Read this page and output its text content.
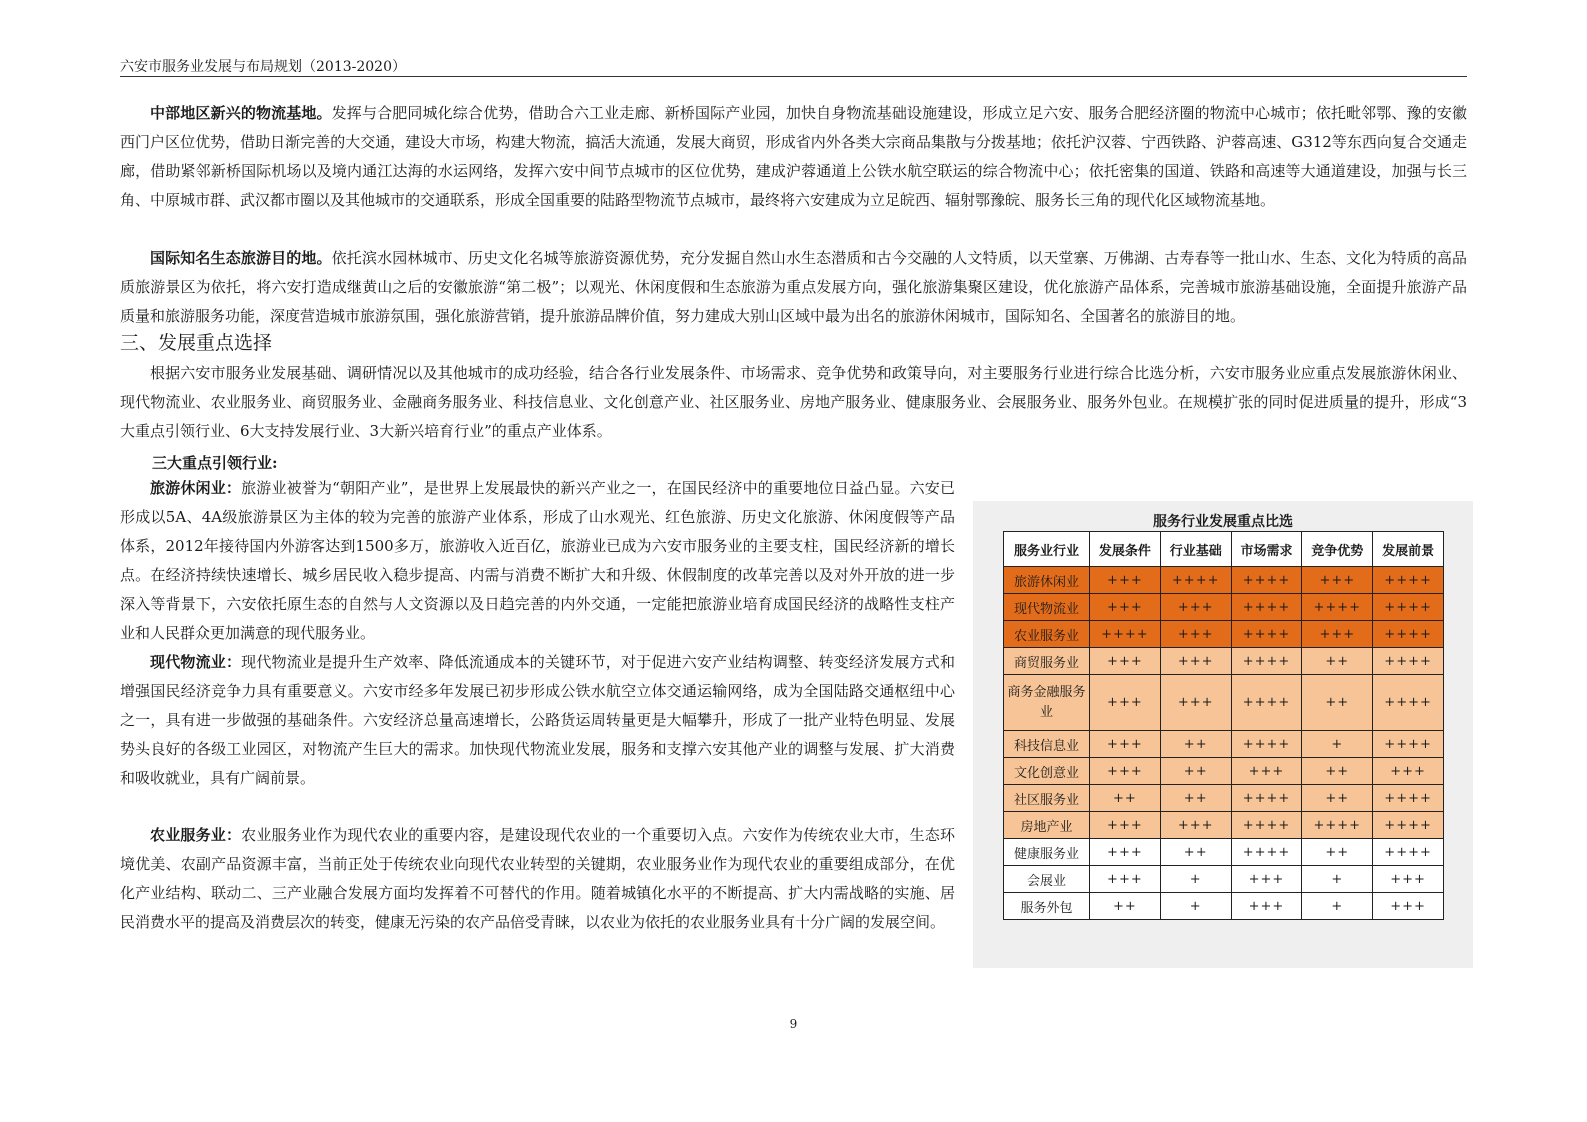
六安市服务业发展与布局规划（2013-2020）

中部地区新兴的物流基地。发挥与合肥同城化综合优势，借助合六工业走廊、新桥国际产业园，加快自身物流基础设施建设，形成立足六安、服务合肥经济圈的物流中心城市；依托毗邻鄂、豫的安徽西门户区位优势，借助日渐完善的大交通，建设大市场，构建大物流，搞活大流通，发展大商贸，形成省内外各类大宗商品集散与分拨基地；依托沪汉蓉、宁西铁路、沪蓉高速、G312等东西向复合交通走廊，借助紧邻新桥国际机场以及境内通江达海的水运网络，发挥六安中间节点城市的区位优势，建成沪蓉通道上公铁水航空联运的综合物流中心；依托密集的国道、铁路和高速等大通道建设，加强与长三角、中原城市群、武汉都市圈以及其他城市的交通联系，形成全国重要的陆路型物流节点城市，最终将六安建成为立足皖西、辐射鄂豫皖、服务长三角的现代化区域物流基地。

国际知名生态旅游目的地。依托滨水园林城市、历史文化名城等旅游资源优势，充分发掘自然山水生态潜质和古今交融的人文特质，以天堂寨、万佛湖、古寿春等一批山水、生态、文化为特质的高品质旅游景区为依托，将六安打造成继黄山之后的安徽旅游“第二极”；以观光、休闲度假和生态旅游为重点发展方向，强化旅游集聚区建设，优化旅游产品体系，完善城市旅游基础设施，全面提升旅游产品质量和旅游服务功能，深度营造城市旅游氛围，强化旅游营销，提升旅游品牌价值，努力建成大别山区域中最为出名的旅游休闲城市，国际知名、全国著名的旅游目的地。

三、发展重点选择

根据六安市服务业发展基础、调研情况以及其他城市的成功经验，结合各行业发展条件、市场需求、竞争优势和政策导向，对主要服务行业进行综合比选分析，六安市服务业应重点发展旅游休闲业、现代物流业、农业服务业、商贸服务业、金融商务服务业、科技信息业、文化创意产业、社区服务业、房地产服务业、健康服务业、会展服务业、服务外包业。在规模扩张的同时促进质量的提升，形成“3大重点引领行业、6大支持发展行业、3大新兴培育行业”的重点产业体系。

三大重点引领行业:

旅游休闲业：旅游业被誉为“朝阳产业”，是世界上发展最快的新兴产业之一，在国民经济中的重要地位日益凸显。六安已形成以5A、4A级旅游景区为主体的较为完善的旅游产业体系，形成了山水观光、红色旅游、历史文化旅游、休闲度假等产品体系，2012年接待国内外游客达到1500多万，旅游收入近百亿，旅游业已成为六安市服务业的主要支柱，国民经济新的增长点。在经济持续快速增长、城乡居民收入稳步提高、内需与消费不断扩大和升级、休假制度的改革完善以及对外开放的进一步深入等背景下，六安依托原生态的自然与人文资源以及日趋完善的内外交通，一定能把旅游业培育成国民经济的战略性支柱产业和人民群众更加满意的现代服务业。

现代物流业：现代物流业是提升生产效率、降低流通成本的关键环节，对于促进六安产业结构调整、转变经济发展方式和增强国民经济竞争力具有重要意义。六安市经多年发展已初步形成公铁水航空立体交通运输网络，成为全国陆路交通枢纽中心之一，具有进一步做强的基础条件。六安经济总量高速增长，公路货运周转量更是大幅攀升，形成了一批产业特色明显、发展势头良好的各级工业园区，对物流产生巨大的需求。加快现代物流业发展，服务和支撑六安其他产业的调整与发展、扩大消费和吸收就业，具有广阔前景。

农业服务业：农业服务业作为现代农业的重要内容，是建设现代农业的一个重要切入点。六安作为传统农业大市，生态环境优美、农副产品资源丰富，当前正处于传统农业向现代农业转型的关键期，农业服务业作为现代农业的重要组成部分，在优化产业结构、联动二、三产业融合发展方面均发挥着不可替代的作用。随着城镇化水平的不断提高、扩大内需战略的实施、居民消费水平的提高及消费层次的转变，健康无污染的农产品倍受青睐，以农业为依托的农业服务业具有十分广阔的发展空间。

服务行业发展重点比选
服务业行业	发展条件	行业基础	市场需求	竞争优势	发展前景
旅游休闲业	+++	++++	++++	+++	++++
现代物流业	+++	+++	++++	++++	++++
农业服务业	++++	+++	++++	+++	++++
商贸服务业	+++	+++	++++	++	++++
商务金融服务业	+++	+++	++++	++	++++
科技信息业	+++	++	++++	+	++++
文化创意业	+++	++	+++	++	+++
社区服务业	++	++	++++	++	++++
房地产业	+++	+++	++++	++++	++++
健康服务业	+++	++	++++	++	++++
会展业	+++	+	+++	+	+++
服务外包	++	+	+++	+	+++
9
